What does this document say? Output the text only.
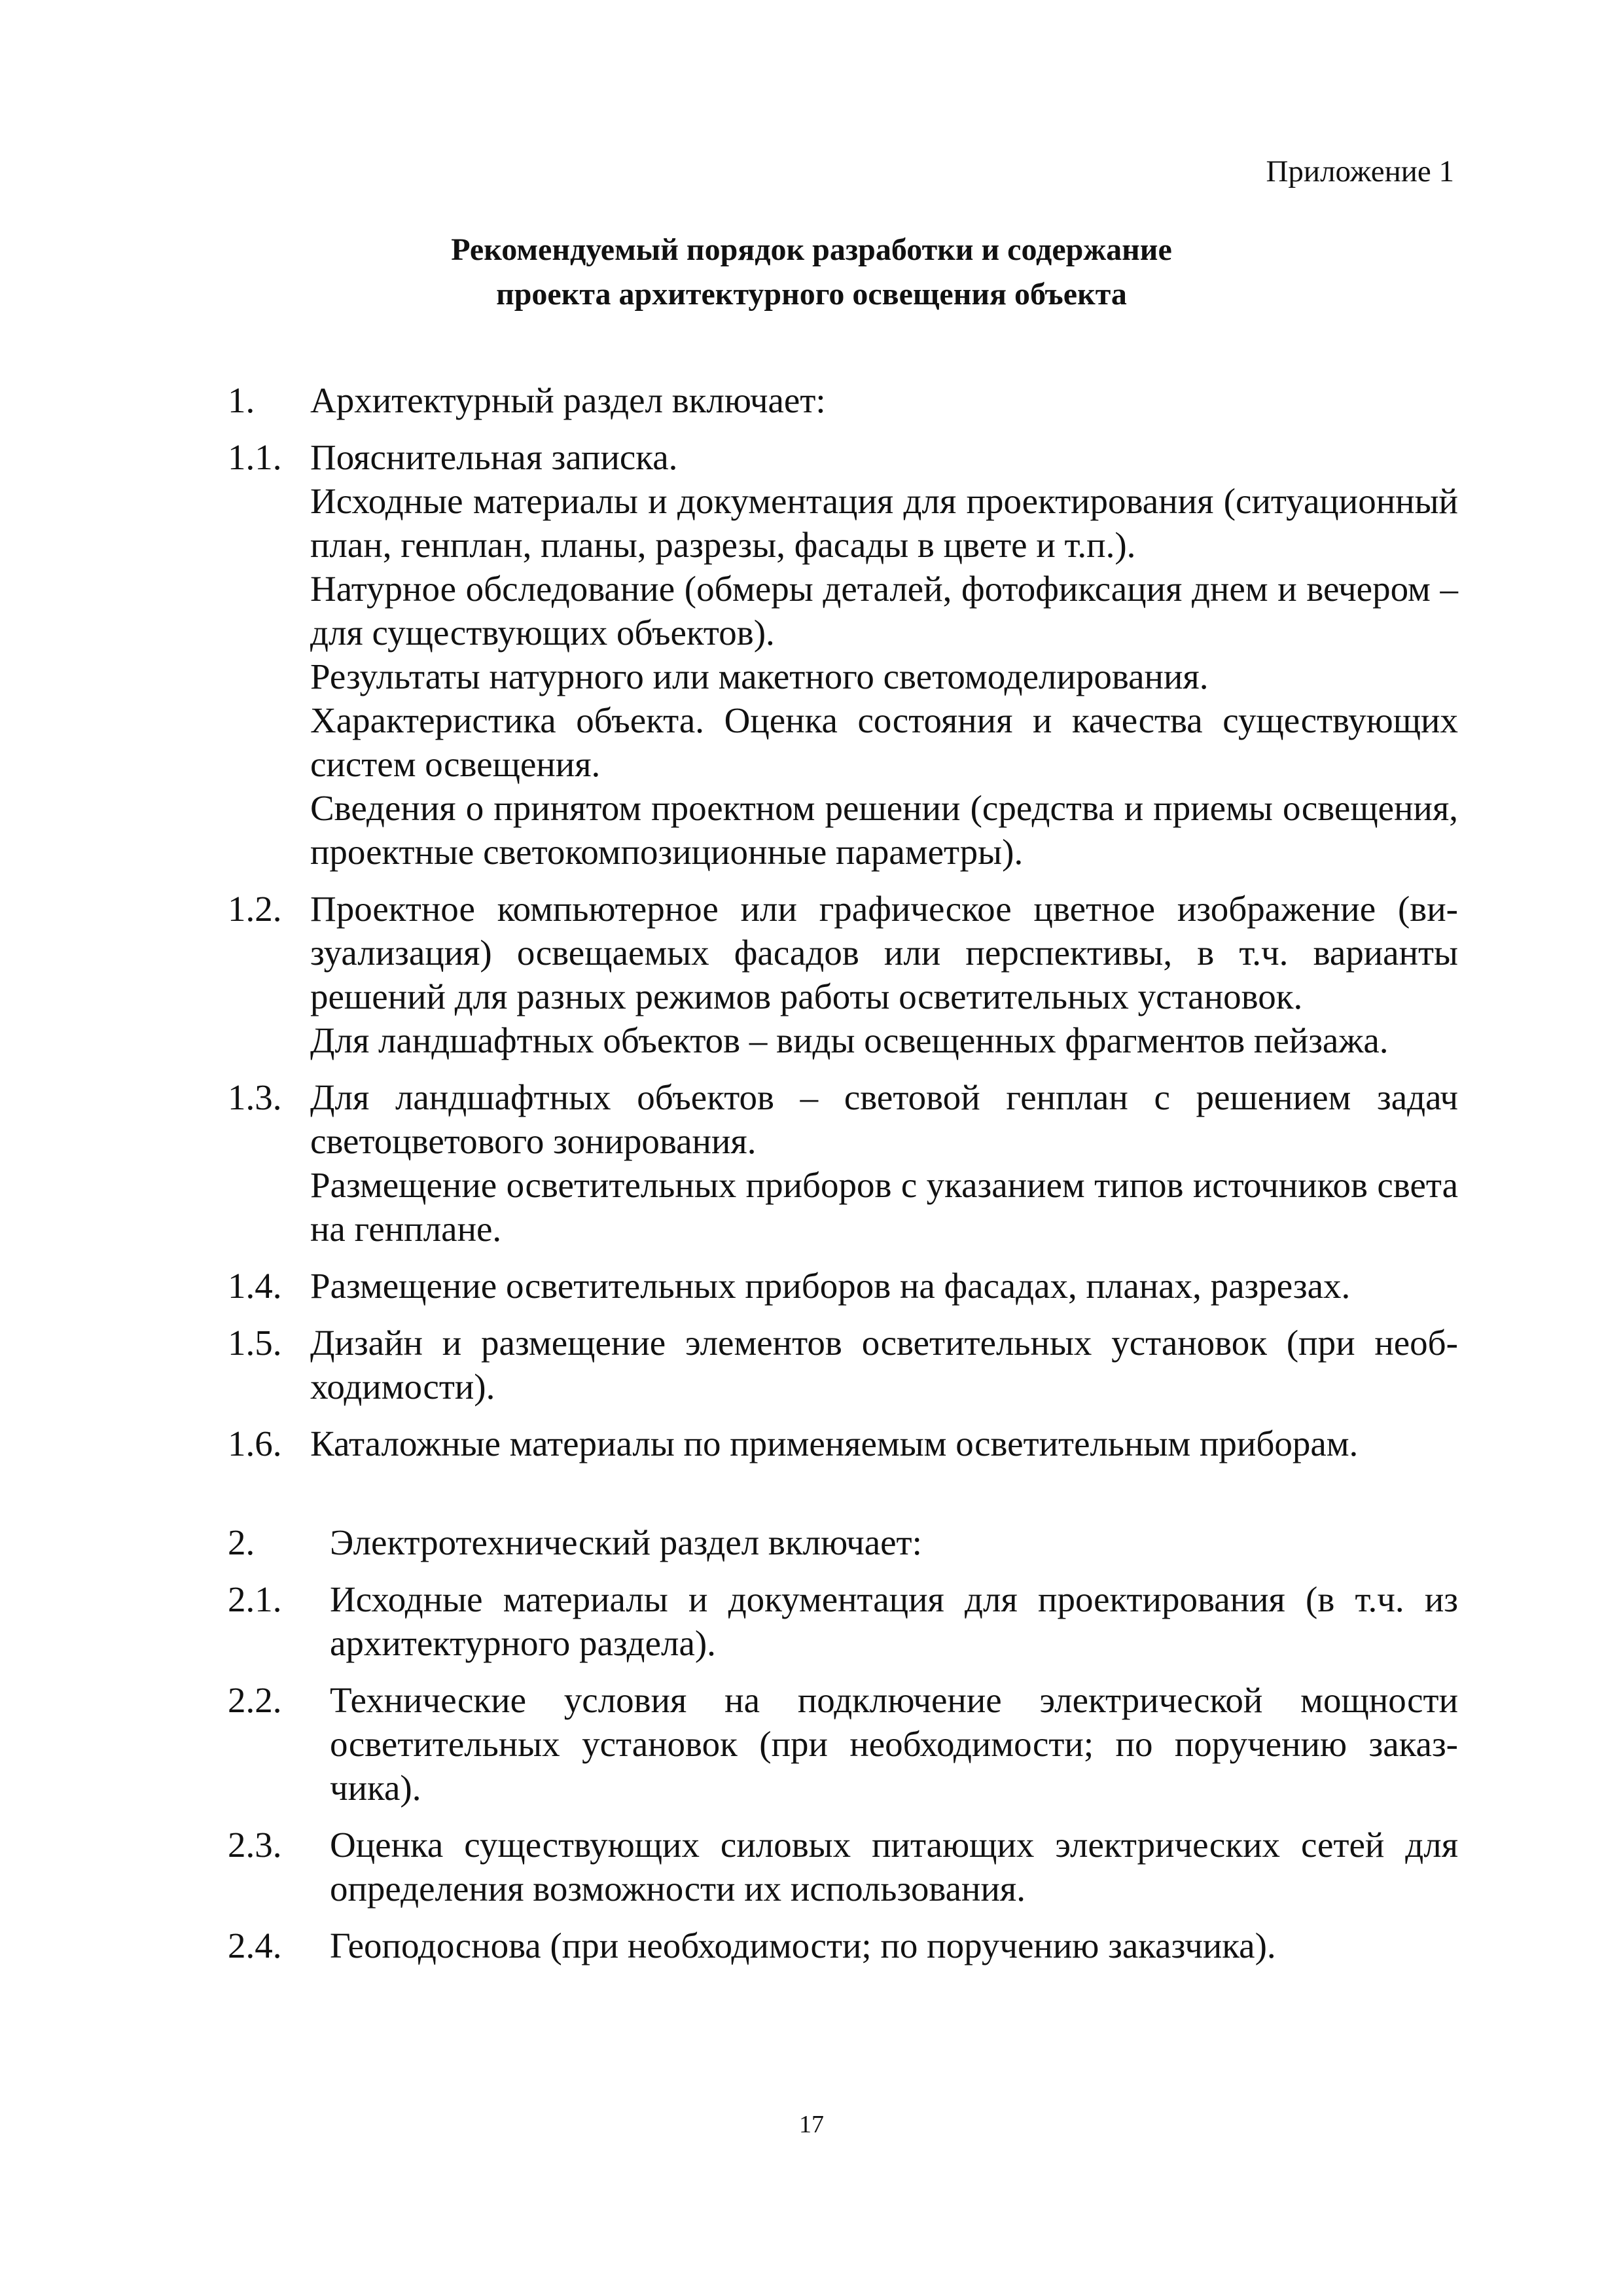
Приложение 1
Рекомендуемый порядок разработки и содержание
проекта архитектурного освещения объекта
1.	Архитектурный раздел включает:
1.1. Пояснительная записка.
Исходные материалы и документация для проектирования (ситуационный план, генплан, планы, разрезы, фасады в цвете и т.п.).
Натурное обследование (обмеры деталей, фотофиксация днем и вечером – для существующих объектов).
Результаты натурного или макетного светомоделирования.
Характеристика объекта. Оценка состояния и качества существующих систем освещения.
Сведения о принятом проектном решении (средства и приемы освещения, проектные светокомпозиционные параметры).
1.2. Проектное компьютерное или графическое цветное изображение (визуализация) освещаемых фасадов или перспективы, в т.ч. варианты решений для разных режимов работы осветительных установок.
Для ландшафтных объектов – виды освещенных фрагментов пейзажа.
1.3. Для ландшафтных объектов – световой генплан с решением задач светоцветового зонирования.
Размещение осветительных приборов с указанием типов источников света на генплане.
1.4. Размещение осветительных приборов на фасадах, планах, разрезах.
1.5. Дизайн и размещение элементов осветительных установок (при необходимости).
1.6. Каталожные материалы по применяемым осветительным приборам.
2.	Электротехнический раздел включает:
2.1.	Исходные материалы и документация для проектирования (в т.ч. из архитектурного раздела).
2.2.	Технические условия на подключение электрической мощности осветительных установок (при необходимости; по поручению заказчика).
2.3.	Оценка существующих силовых питающих электрических сетей для определения возможности их использования.
2.4.	Геоподоснова (при необходимости; по поручению заказчика).
17
